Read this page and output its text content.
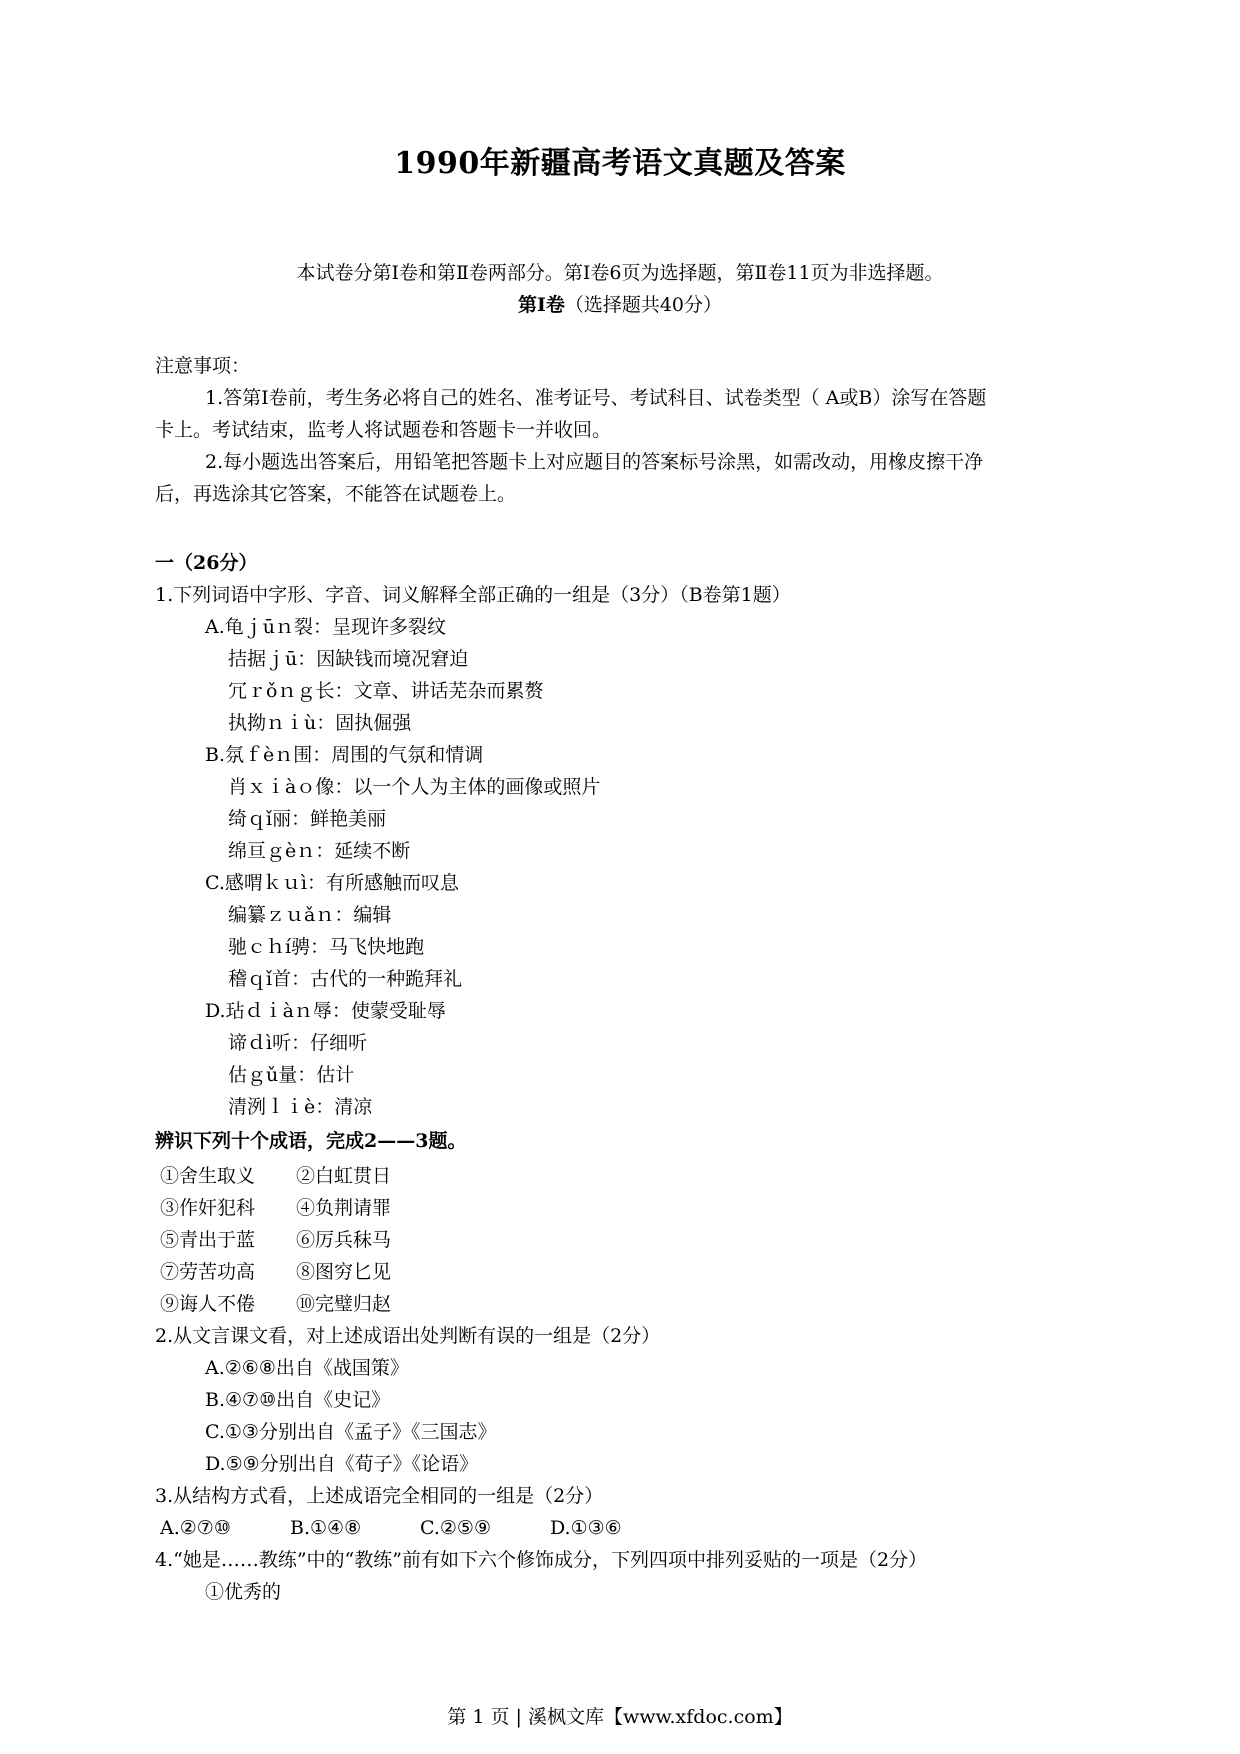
1990年新疆高考语文真题及答案
本试卷分第Ⅰ卷和第Ⅱ卷两部分。第Ⅰ卷6页为选择题，第Ⅱ卷11页为非选择题。
第Ⅰ卷（选择题共40分）
注意事项：
1.答第Ⅰ卷前，考生务必将自己的姓名、准考证号、考试科目、试卷类型（ A或B）涂写在答题
卡上。考试结束，监考人将试题卷和答题卡一并收回。
2.每小题选出答案后，用铅笔把答题卡上对应题目的答案标号涂黑，如需改动，用橡皮擦干净
后，再选涂其它答案，不能答在试题卷上。
一（26分）
1.下列词语中字形、字音、词义解释全部正确的一组是（3分）（B卷第1题）
A.龟ｊūｎ裂：呈现许多裂纹
拮据ｊū：因缺钱而境况窘迫
冗ｒǒｎｇ长：文章、讲话芜杂而累赘
执拗ｎｉù：固执倔强
B.氛ｆèｎ围：周围的气氛和情调
肖ｘｉàｏ像：以一个人为主体的画像或照片
绮ｑǐ丽：鲜艳美丽
绵亘ｇèｎ：延续不断
C.感喟ｋｕì：有所感触而叹息
编纂ｚｕǎｎ：编辑
驰ｃｈí骋：马飞快地跑
稽ｑǐ首：古代的一种跪拜礼
D.玷ｄｉàｎ辱：使蒙受耻辱
谛ｄì听：仔细听
估ｇǔ量：估计
清洌ｌｉè：清凉
辨识下列十个成语，完成2——3题。
①舍生取义 ②白虹贯日
③作奸犯科 ④负荆请罪
⑤青出于蓝 ⑥厉兵秣马
⑦劳苦功高 ⑧图穷匕见
⑨诲人不倦 ⑩完璧归赵
2.从文言课文看，对上述成语出处判断有误的一组是（2分）
A.②⑥⑧出自《战国策》
B.④⑦⑩出自《史记》
C.①③分别出自《孟子》《三国志》
D.⑤⑨分别出自《荀子》《论语》
3.从结构方式看，上述成语完全相同的一组是（2分）
A.②⑦⑩	B.①④⑧	C.②⑤⑨	D.①③⑥
4.“她是……教练”中的“教练”前有如下六个修饰成分，下列四项中排列妥贴的一项是（2分）
①优秀的
第 1 页 | 溪枫文库【www.xfdoc.com】
